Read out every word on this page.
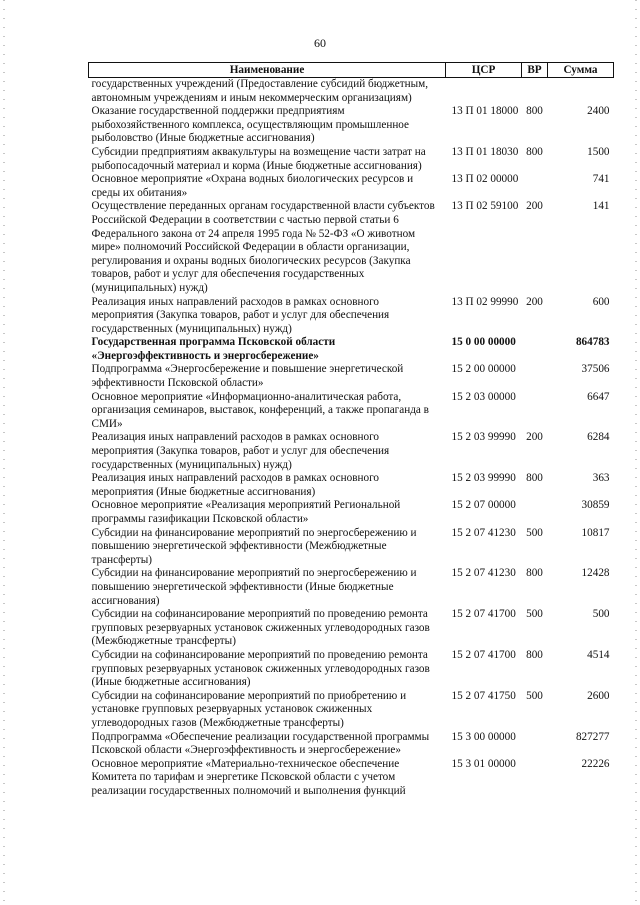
60
Наименование	ЦСР	ВР	Сумма
государственных учреждений (Предоставление субсидий бюджетным, автономным учреждениям и иным некоммерческим организациям)			
Оказание государственной поддержки предприятиям рыбохозяйственного комплекса, осуществляющим промышленное рыболовство (Иные бюджетные ассигнования)	13 П 01 18000	800	2400
Субсидии предприятиям аквакультуры на возмещение части затрат на рыбопосадочный материал и корма (Иные бюджетные ассигнования)	13 П 01 18030	800	1500
Основное мероприятие «Охрана водных биологических ресурсов и среды их обитания»	13 П 02 00000		741
Осуществление переданных органам государственной власти субъектов Российской Федерации в соответствии с частью первой статьи 6 Федерального закона от 24 апреля 1995 года № 52-ФЗ «О животном мире» полномочий Российской Федерации в области организации, регулирования и охраны водных биологических ресурсов (Закупка товаров, работ и услуг для обеспечения государственных (муниципальных) нужд)	13 П 02 59100	200	141
Реализация иных направлений расходов в рамках основного мероприятия (Закупка товаров, работ и услуг для обеспечения государственных (муниципальных) нужд)	13 П 02 99990	200	600
Государственная программа Псковской области «Энергоэффективность и энергосбережение»	15 0 00 00000		864783
Подпрограмма «Энергосбережение и повышение энергетической эффективности Псковской области»	15 2 00 00000		37506
Основное мероприятие «Информационно-аналитическая работа, организация семинаров, выставок, конференций, а также пропаганда в СМИ»	15 2 03 00000		6647
Реализация иных направлений расходов в рамках основного мероприятия (Закупка товаров, работ и услуг для обеспечения государственных (муниципальных) нужд)	15 2 03 99990	200	6284
Реализация иных направлений расходов в рамках основного мероприятия (Иные бюджетные ассигнования)	15 2 03 99990	800	363
Основное мероприятие «Реализация мероприятий Региональной программы газификации Псковской области»	15 2 07 00000		30859
Субсидии на финансирование мероприятий по энергосбережению и повышению энергетической эффективности (Межбюджетные трансферты)	15 2 07 41230	500	10817
Субсидии на финансирование мероприятий по энергосбережению и повышению энергетической эффективности (Иные бюджетные ассигнования)	15 2 07 41230	800	12428
Субсидии на софинансирование мероприятий по проведению ремонта групповых резервуарных установок сжиженных углеводородных газов (Межбюджетные трансферты)	15 2 07 41700	500	500
Субсидии на софинансирование мероприятий по проведению ремонта групповых резервуарных установок сжиженных углеводородных газов (Иные бюджетные ассигнования)	15 2 07 41700	800	4514
Субсидии на софинансирование мероприятий по приобретению и установке групповых резервуарных установок сжиженных углеводородных газов (Межбюджетные трансферты)	15 2 07 41750	500	2600
Подпрограмма «Обеспечение реализации государственной программы Псковской области «Энергоэффективность и энергосбережение»	15 3 00 00000		827277
Основное мероприятие «Материально-техническое обеспечение Комитета по тарифам и энергетике Псковской области с учетом реализации государственных полномочий и выполнения функций	15 3 01 00000		22226
